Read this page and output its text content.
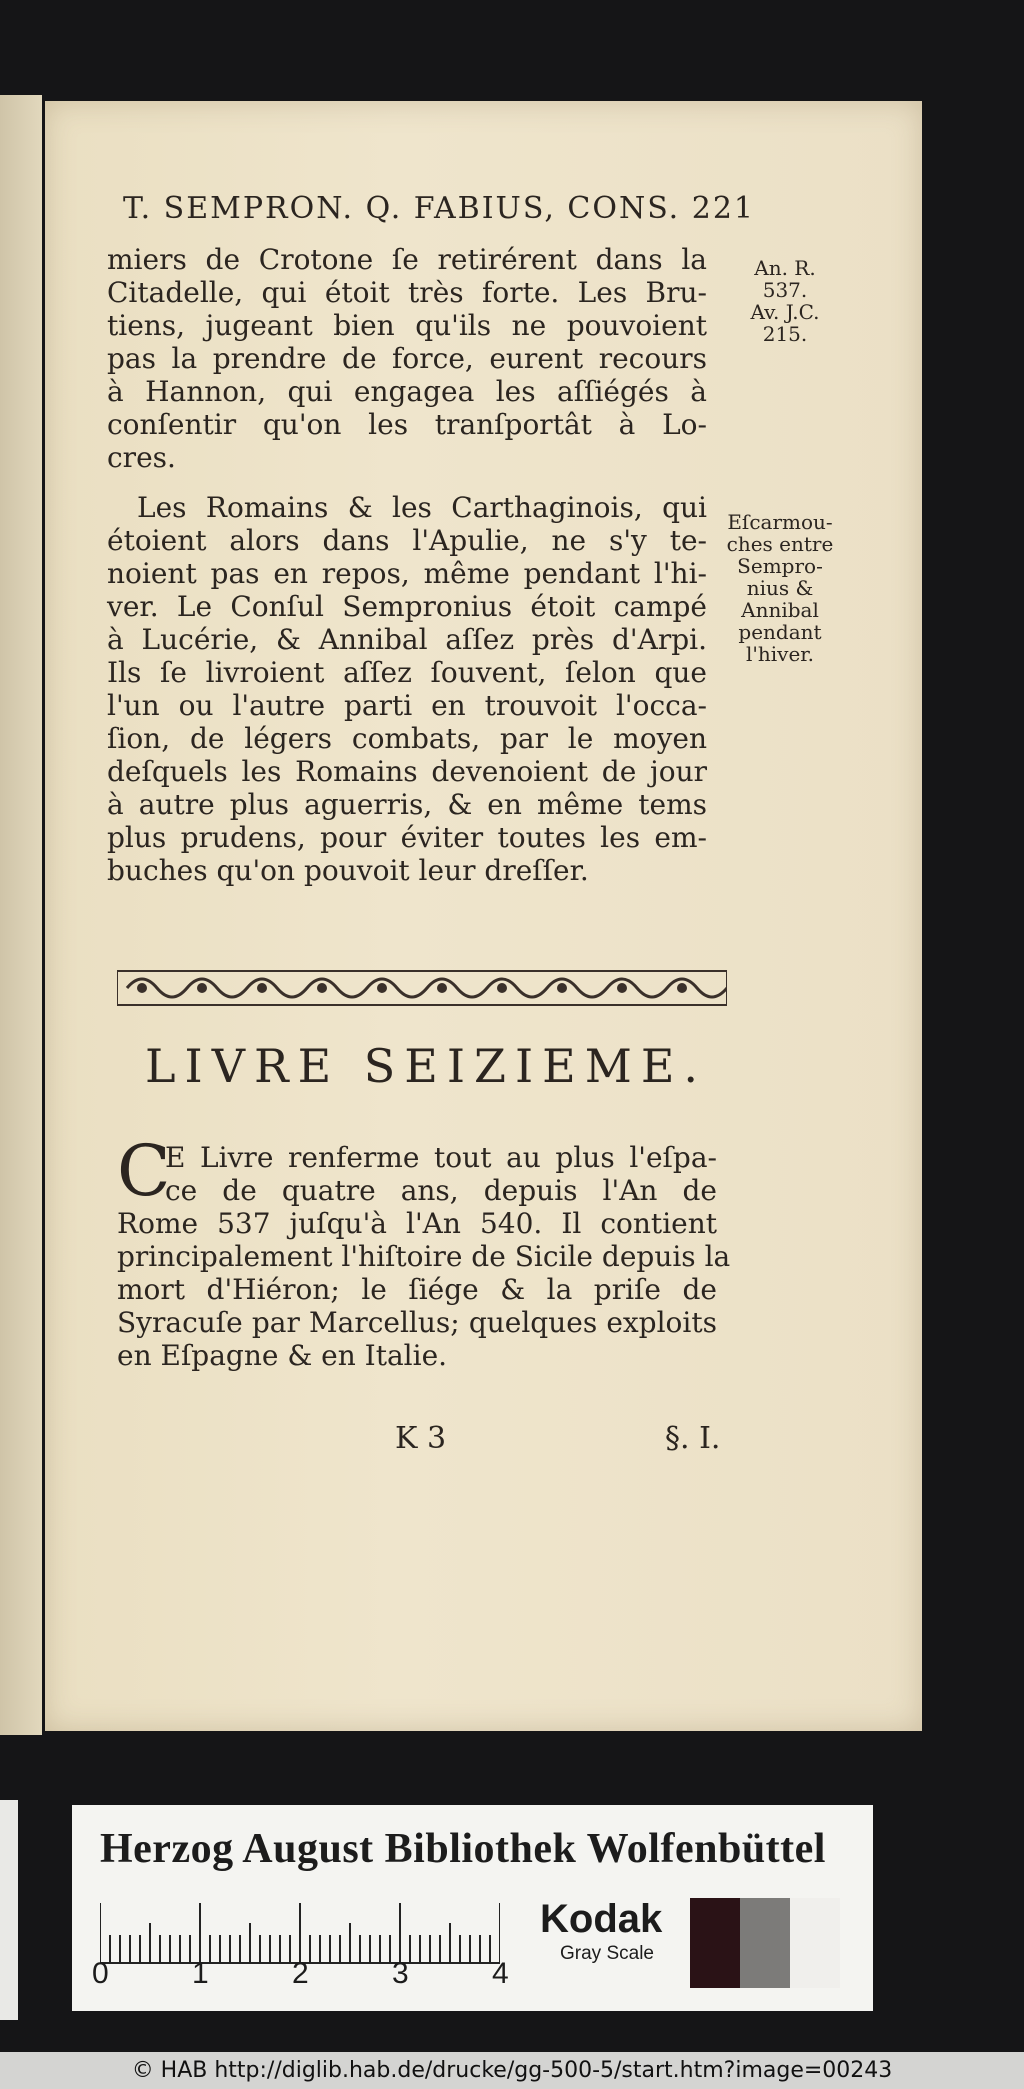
T. SEMPRON. Q. FABIUS, CONS. 221
miers de Crotone ſe retirérent dans la
Citadelle, qui étoit très forte. Les Bru-
tiens, jugeant bien qu'ils ne pouvoient
pas la prendre de force, eurent recours
à Hannon, qui engagea les aſſiégés à
conſentir qu'on les tranſportât à Lo-
cres.
An. R.
537.
Av. J.C.
215.
Les Romains & les Carthaginois, qui
étoient alors dans l'Apulie, ne s'y te-
noient pas en repos, même pendant l'hi-
ver. Le Conſul Sempronius étoit campé
à Lucérie, & Annibal aſſez près d'Arpi.
Ils ſe livroient aſſez ſouvent, ſelon que
l'un ou l'autre parti en trouvoit l'occa-
ſion, de légers combats, par le moyen
deſquels les Romains devenoient de jour
à autre plus aguerris, & en même tems
plus prudens, pour éviter toutes les em-
buches qu'on pouvoit leur dreſſer.
Eſcarmou-
ches entre
Sempro-
nius &
Annibal
pendant
l'hiver.
LIVRE SEIZIEME.
C
E Livre renferme tout au plus l'eſpa-
ce de quatre ans, depuis l'An de
Rome 537 juſqu'à l'An 540. Il contient
principalement l'hiſtoire de Sicile depuis la
mort d'Hiéron; le ſiége & la priſe de
Syracuſe par Marcellus; quelques exploits
en Eſpagne & en Italie.
K 3	§. I.
Herzog August Bibliothek Wolfenbüttel
0	1	2	3	4
Kodak
Gray Scale
© HAB http://diglib.hab.de/drucke/gg-500-5/start.htm?image=00243
